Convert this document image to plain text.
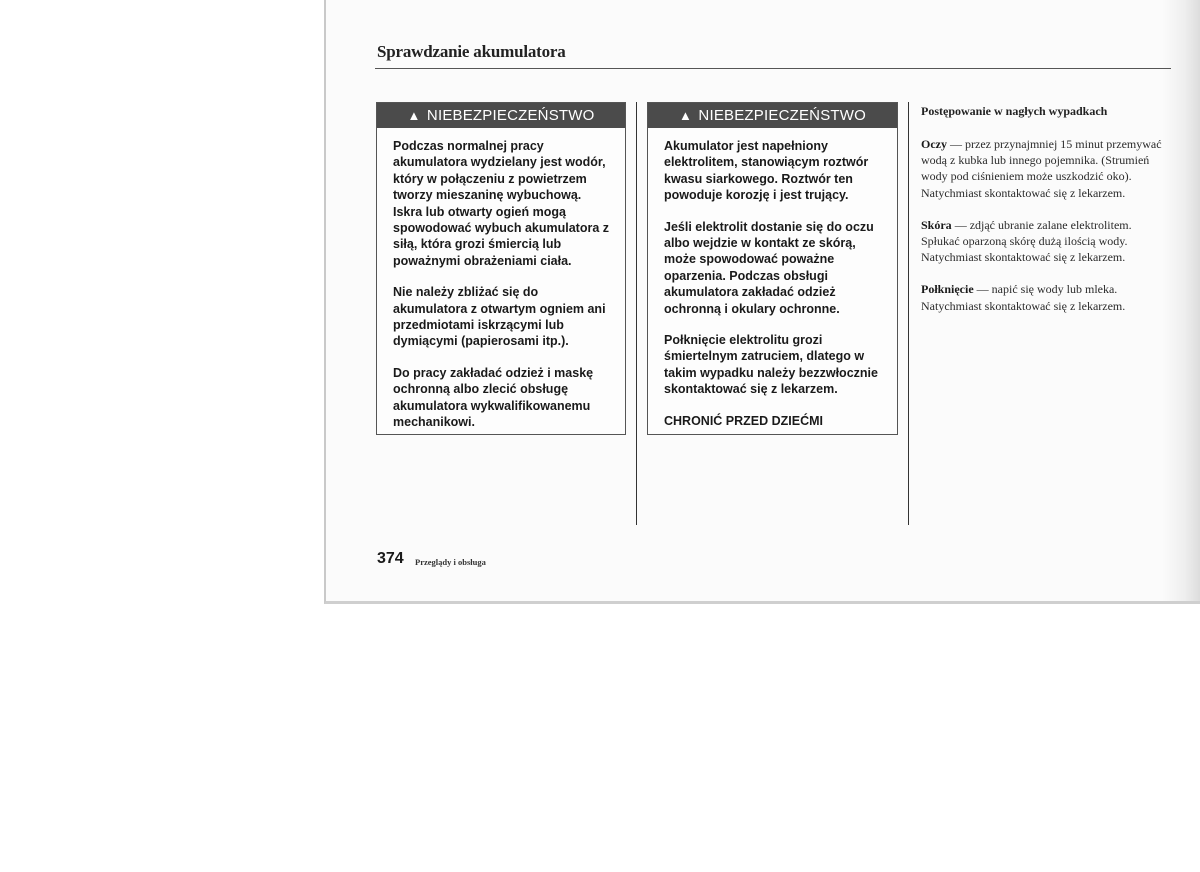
Sprawdzanie akumulatora
▲ NIEBEZPIECZEŃSTWO

Podczas normalnej pracy akumulatora wydzielany jest wodór, który w połączeniu z powietrzem tworzy mieszaninę wybuchową. Iskra lub otwarty ogień mogą spowodować wybuch akumulatora z siłą, która grozi śmiercią lub poważnymi obrażeniami ciała.

Nie należy zbliżać się do akumulatora z otwartym ogniem ani przedmiotami iskrzącymi lub dymiącymi (papierosami itp.).

Do pracy zakładać odzież i maskę ochronną albo zlecić obsługę akumulatora wykwalifikowanemu mechanikowi.

▲ NIEBEZPIECZEŃSTWO

Akumulator jest napełniony elektrolitem, stanowiącym roztwór kwasu siarkowego. Roztwór ten powoduje korozję i jest trujący.

Jeśli elektrolit dostanie się do oczu albo wejdzie w kontakt ze skórą, może spowodować poważne oparzenia. Podczas obsługi akumulatora zakładać odzież ochronną i okulary ochronne.

Połknięcie elektrolitu grozi śmiertelnym zatruciem, dlatego w takim wypadku należy bezzwłocznie skontaktować się z lekarzem.

CHRONIĆ PRZED DZIEĆMI

Postępowanie w nagłych wypadkach

Oczy — przez przynajmniej 15 minut przemywać wodą z kubka lub innego pojemnika. (Strumień wody pod ciśnieniem może uszkodzić oko). Natychmiast skontaktować się z lekarzem.

Skóra — zdjąć ubranie zalane elektrolitem. Spłukać oparzoną skórę dużą ilością wody. Natychmiast skontaktować się z lekarzem.

Połknięcie — napić się wody lub mleka. Natychmiast skontaktować się z lekarzem.

374 Przeglądy i obsługa
